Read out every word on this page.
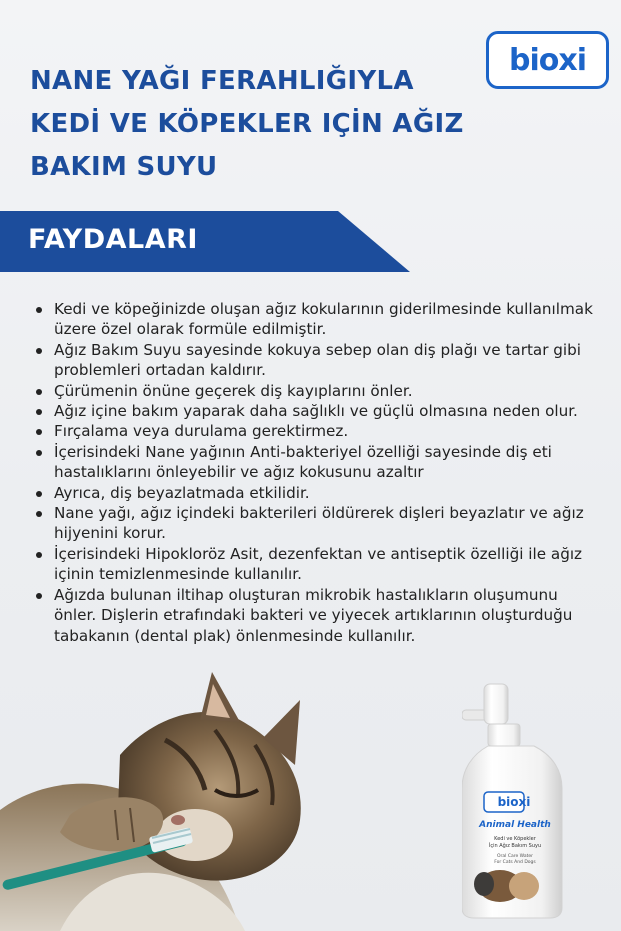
bioxi
NANE YAĞI FERAHLIĞIYLA
KEDİ VE KÖPEKLER IÇİN AĞIZ
BAKIM SUYU
FAYDALARI
Kedi ve köpeğinizde oluşan ağız kokularının giderilmesinde kullanılmak üzere özel olarak formüle edilmiştir.
Ağız Bakım Suyu sayesinde kokuya sebep olan diş plağı ve tartar gibi problemleri ortadan kaldırır.
Çürümenin önüne geçerek diş kayıplarını önler.
Ağız içine bakım yaparak daha sağlıklı ve güçlü olmasına neden olur.
Fırçalama veya durulama gerektirmez.
İçerisindeki Nane yağının Anti-bakteriyel özelliği sayesinde diş eti hastalıklarını önleyebilir ve ağız kokusunu azaltır
Ayrıca, diş beyazlatmada etkilidir.
Nane yağı, ağız içindeki bakterileri öldürerek dişleri beyazlatır ve ağız hijyenini korur.
İçerisindeki Hipokloröz Asit, dezenfektan ve antiseptik özelliği ile ağız içinin temizlenmesinde kullanılır.
Ağızda bulunan iltihap oluşturan mikrobik hastalıkların oluşumunu önler. Dişlerin etrafındaki bakteri ve yiyecek artıklarının oluşturduğu tabakanın (dental plak) önlenmesinde kullanılır.
bioxi
Animal Health
Kedi ve Köpekler
İçin Ağız Bakım Suyu
Oral Care Water
For Cats And Dogs
